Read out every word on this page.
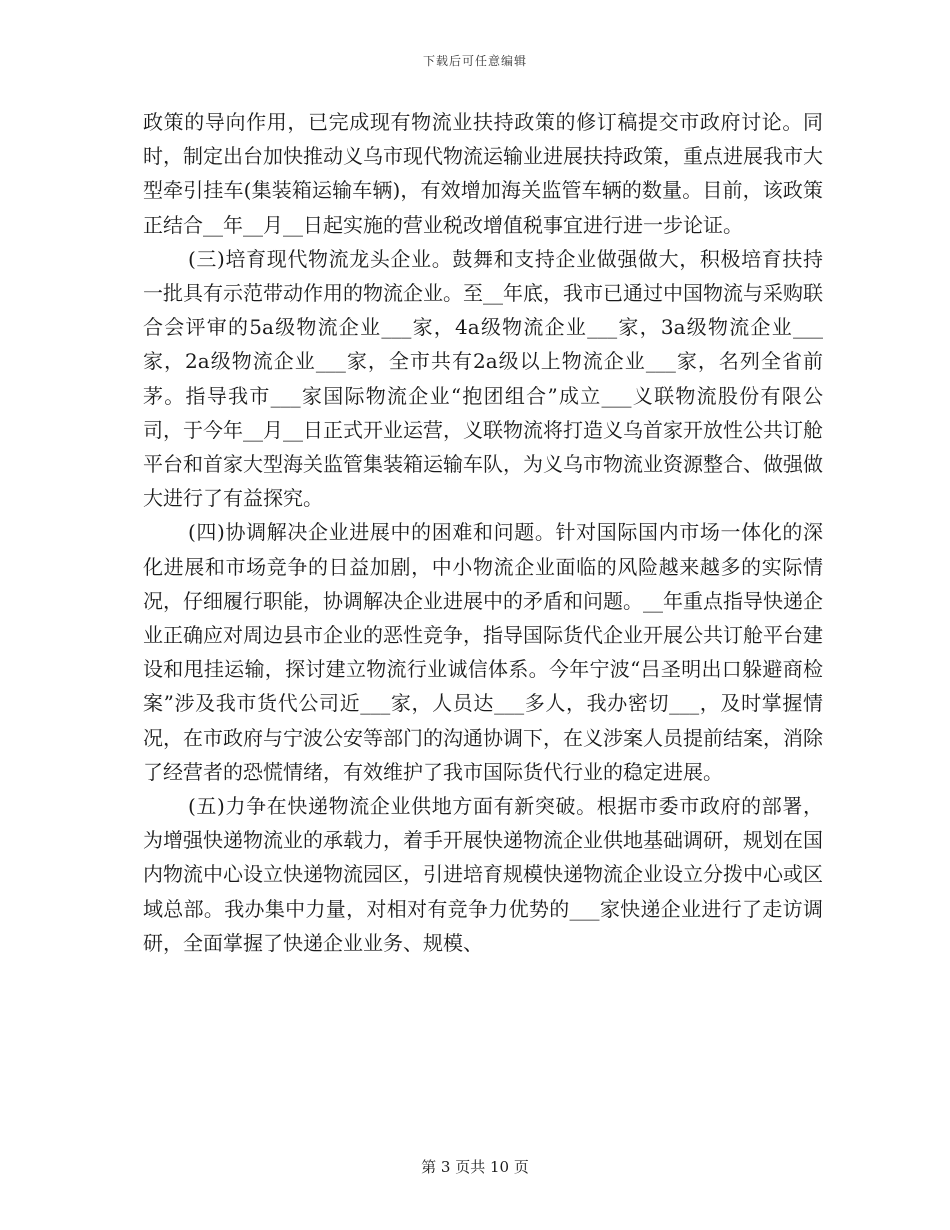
下载后可任意编辑

政策的导向作用，已完成现有物流业扶持政策的修订稿提交市政府讨论。同时，制定出台加快推动义乌市现代物流运输业进展扶持政策，重点进展我市大型牵引挂车(集装箱运输车辆)，有效增加海关监管车辆的数量。目前，该政策正结合__年__月__日起实施的营业税改增值税事宜进行进一步论证。

(三)培育现代物流龙头企业。鼓舞和支持企业做强做大，积极培育扶持一批具有示范带动作用的物流企业。至__年底，我市已通过中国物流与采购联合会评审的5a级物流企业___家，4a级物流企业___家，3a级物流企业___家，2a级物流企业___家，全市共有2a级以上物流企业___家，名列全省前茅。指导我市___家国际物流企业“抱团组合”成立___义联物流股份有限公司，于今年__月__日正式开业运营，义联物流将打造义乌首家开放性公共订舱平台和首家大型海关监管集装箱运输车队，为义乌市物流业资源整合、做强做大进行了有益探究。

(四)协调解决企业进展中的困难和问题。针对国际国内市场一体化的深化进展和市场竞争的日益加剧，中小物流企业面临的风险越来越多的实际情况，仔细履行职能，协调解决企业进展中的矛盾和问题。__年重点指导快递企业正确应对周边县市企业的恶性竞争，指导国际货代企业开展公共订舱平台建设和甩挂运输，探讨建立物流行业诚信体系。今年宁波“吕圣明出口躲避商检案”涉及我市货代公司近___家，人员达___多人，我办密切___，及时掌握情况，在市政府与宁波公安等部门的沟通协调下，在义涉案人员提前结案，消除了经营者的恐慌情绪，有效维护了我市国际货代行业的稳定进展。

(五)力争在快递物流企业供地方面有新突破。根据市委市政府的部署，为增强快递物流业的承载力，着手开展快递物流企业供地基础调研，规划在国内物流中心设立快递物流园区，引进培育规模快递物流企业设立分拨中心或区域总部。我办集中力量，对相对有竞争力优势的___家快递企业进行了走访调研，全面掌握了快递企业业务、规模、

第 3 页共 10 页
